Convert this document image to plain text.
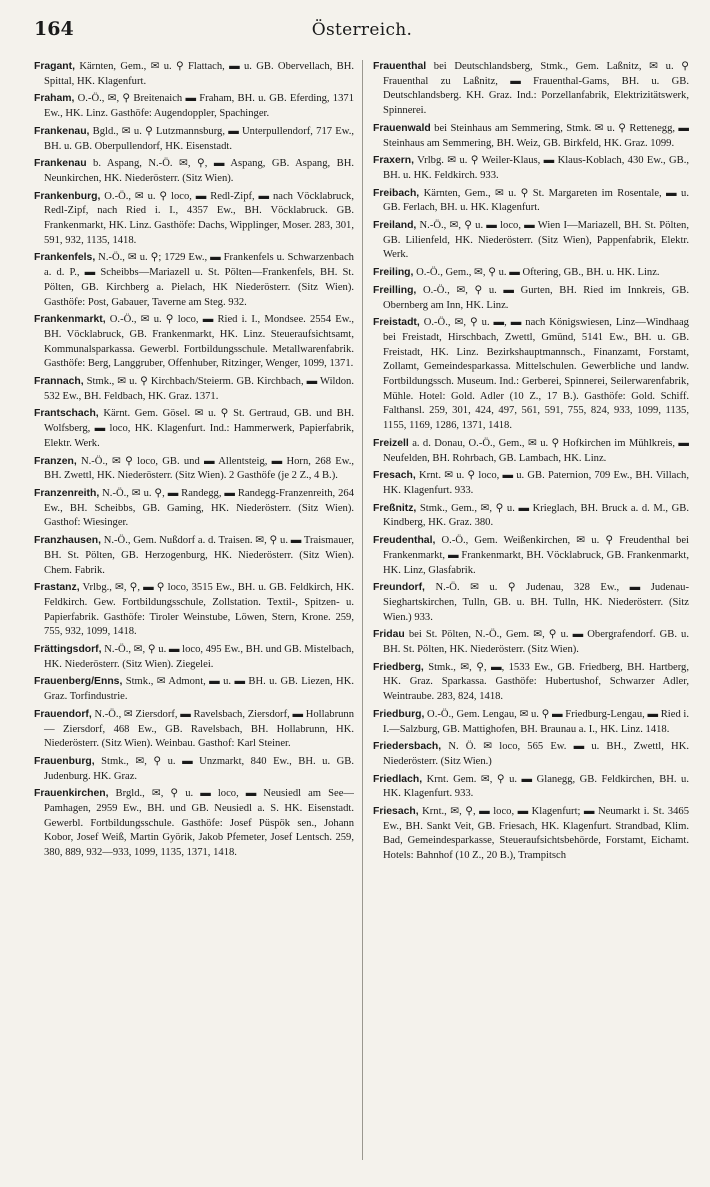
164	Österreich.

Fragant, Kärnten, Gem., ✉ u. ⚲ Flattach, ▬ u. GB. Obervellach, BH. Spittal, HK. Klagenfurt.

Fraham, O.-Ö., ✉, ⚲ Breitenaich ▬ Fraham, BH. u. GB. Eferding, 1371 Ew., HK. Linz. Gasthöfe: Augendoppler, Spachinger.

Frankenau, Bgld., ✉ u. ⚲ Lutzmannsburg, ▬ Unterpullendorf, 717 Ew., BH. u. GB. Oberpullendorf, HK. Eisenstadt.

Frankenau b. Aspang, N.-Ö. ✉, ⚲, ▬ Aspang, GB. Aspang, BH. Neunkirchen, HK. Niederösterr. (Sitz Wien).

Frankenburg, O.-Ö., ✉ u. ⚲ loco, ▬ Redl-Zipf, ▬ nach Vöcklabruck, Redl-Zipf, nach Ried i. I., 4357 Ew., BH. Vöcklabruck. GB. Frankenmarkt, HK. Linz. Gasthöfe: Dachs, Wipplinger, Moser. 283, 301, 591, 932, 1135, 1418.

Frankenfels, N.-Ö., ✉ u. ⚲; 1729 Ew., ▬ Frankenfels u. Schwarzenbach a. d. P., ▬ Scheibbs—Mariazell u. St. Pölten—Frankenfels, BH. St. Pölten, GB. Kirchberg a. Pielach, HK Niederösterr. (Sitz Wien). Gasthöfe: Post, Gabauer, Taverne am Steg. 932.

Frankenmarkt, O.-Ö., ✉ u. ⚲ loco, ▬ Ried i. I., Mondsee. 2554 Ew., BH. Vöcklabruck, GB. Frankenmarkt, HK. Linz. Steueraufsichtsamt, Kommunalsparkassa. Gewerbl. Fortbildungsschule. Metallwarenfabrik. Gasthöfe: Berg, Langgruber, Offenhuber, Ritzinger, Wenger, 1099, 1371.

Frannach, Stmk., ✉ u. ⚲ Kirchbach/Steierm. GB. Kirchbach, ▬ Wildon. 532 Ew., BH. Feldbach, HK. Graz. 1371.

Frantschach, Kärnt. Gem. Gösel. ✉ u. ⚲ St. Gertraud, GB. und BH. Wolfsberg, ▬ loco, HK. Klagenfurt. Ind.: Hammerwerk, Papierfabrik, Elektr. Werk.

Franzen, N.-Ö., ✉ ⚲ loco, GB. und ▬ Allentsteig, ▬ Horn, 268 Ew., BH. Zwettl, HK. Niederösterr. (Sitz Wien). 2 Gasthöfe (je 2 Z., 4 B.).

Franzenreith, N.-Ö., ✉ u. ⚲, ▬ Randegg, ▬ Randegg-Franzenreith, 264 Ew., BH. Scheibbs, GB. Gaming, HK. Niederösterr. (Sitz Wien). Gasthof: Wiesinger.

Franzhausen, N.-Ö., Gem. Nußdorf a. d. Traisen. ✉, ⚲ u. ▬ Traismauer, BH. St. Pölten, GB. Herzogenburg, HK. Niederösterr. (Sitz Wien). Chem. Fabrik.

Frastanz, Vrlbg., ✉, ⚲, ▬ ⚲ loco, 3515 Ew., BH. u. GB. Feldkirch, HK. Feldkirch. Gew. Fortbildungsschule, Zollstation. Textil-, Spitzen- u. Papierfabrik. Gasthöfe: Tiroler Weinstube, Löwen, Stern, Krone. 259, 755, 932, 1099, 1418.

Frättingsdorf, N.-Ö., ✉, ⚲ u. ▬ loco, 495 Ew., BH. und GB. Mistelbach, HK. Niederösterr. (Sitz Wien). Ziegelei.

Frauenberg/Enns, Stmk., ✉ Admont, ▬ u. ▬ BH. u. GB. Liezen, HK. Graz. Torfindustrie.

Frauendorf, N.-Ö., ✉ Ziersdorf, ▬ Ravelsbach, Ziersdorf, ▬ Hollabrunn — Ziersdorf, 468 Ew., GB. Ravelsbach, BH. Hollabrunn, HK. Niederösterr. (Sitz Wien). Weinbau. Gasthof: Karl Steiner.

Frauenburg, Stmk., ✉, ⚲ u. ▬ Unzmarkt, 840 Ew., BH. u. GB. Judenburg. HK. Graz.

Frauenkirchen, Brgld., ✉, ⚲ u. ▬ loco, ▬ Neusiedl am See—Pamhagen, 2959 Ew., BH. und GB. Neusiedl a. S. HK. Eisenstadt. Gewerbl. Fortbildungsschule. Gasthöfe: Josef Püspök sen., Johann Kobor, Josef Weiß, Martin Györik, Jakob Pfemeter, Josef Lentsch. 259, 380, 889, 932—933, 1099, 1135, 1371, 1418.

Frauenthal bei Deutschlandsberg, Stmk., Gem. Laßnitz, ✉ u. ⚲ Frauenthal zu Laßnitz, ▬ Frauenthal-Gams, BH. u. GB. Deutschlandsberg. KH. Graz. Ind.: Porzellanfabrik, Elektrizitätswerk, Spinnerei.

Frauenwald bei Steinhaus am Semmering, Stmk. ✉ u. ⚲ Rettenegg, ▬ Steinhaus am Semmering, BH. Weiz, GB. Birkfeld, HK. Graz. 1099.

Fraxern, Vrlbg. ✉ u. ⚲ Weiler-Klaus, ▬ Klaus-Koblach, 430 Ew., GB., BH. u. HK. Feldkirch. 933.

Freibach, Kärnten, Gem., ✉ u. ⚲ St. Margareten im Rosentale, ▬ u. GB. Ferlach, BH. u. HK. Klagenfurt.

Freiland, N.-Ö., ✉, ⚲ u. ▬ loco, ▬ Wien I—Mariazell, BH. St. Pölten, GB. Lilienfeld, HK. Niederösterr. (Sitz Wien), Pappenfabrik, Elektr. Werk.

Freiling, O.-Ö., Gem., ✉, ⚲ u. ▬ Oftering, GB., BH. u. HK. Linz.

Freilling, O.-Ö., ✉, ⚲ u. ▬ Gurten, BH. Ried im Innkreis, GB. Obernberg am Inn, HK. Linz.

Freistadt, O.-Ö., ✉, ⚲ u. ▬, ▬ nach Königswiesen, Linz—Windhaag bei Freistadt, Hirschbach, Zwettl, Gmünd, 5141 Ew., BH. u. GB. Freistadt, HK. Linz. Bezirkshauptmannsch., Finanzamt, Forstamt, Zollamt, Gemeindesparkassa. Mittelschulen. Gewerbliche und landw. Fortbildungssch. Museum. Ind.: Gerberei, Spinnerei, Seilerwarenfabrik, Mühle. Hotel: Gold. Adler (10 Z., 17 B.). Gasthöfe: Gold. Schiff. Falthansl. 259, 301, 424, 497, 561, 591, 755, 824, 933, 1099, 1135, 1155, 1169, 1286, 1371, 1418.

Freizell a. d. Donau, O.-Ö., Gem., ✉ u. ⚲ Hofkirchen im Mühlkreis, ▬ Neufelden, BH. Rohrbach, GB. Lambach, HK. Linz.

Fresach, Krnt. ✉ u. ⚲ loco, ▬ u. GB. Paternion, 709 Ew., BH. Villach, HK. Klagenfurt. 933.

Freßnitz, Stmk., Gem., ✉, ⚲ u. ▬ Krieglach, BH. Bruck a. d. M., GB. Kindberg, HK. Graz. 380.

Freudenthal, O.-Ö., Gem. Weißenkirchen, ✉ u. ⚲ Freudenthal bei Frankenmarkt, ▬ Frankenmarkt, BH. Vöcklabruck, GB. Frankenmarkt, HK. Linz, Glasfabrik.

Freundorf, N.-Ö. ✉ u. ⚲ Judenau, 328 Ew., ▬ Judenau-Sieghartskirchen, Tulln, GB. u. BH. Tulln, HK. Niederösterr. (Sitz Wien.) 933.

Fridau bei St. Pölten, N.-Ö., Gem. ✉, ⚲ u. ▬ Obergrafendorf. GB. u. BH. St. Pölten, HK. Niederösterr. (Sitz Wien).

Friedberg, Stmk., ✉, ⚲, ▬, 1533 Ew., GB. Friedberg, BH. Hartberg, HK. Graz. Sparkassa. Gasthöfe: Hubertushof, Schwarzer Adler, Weintraube. 283, 824, 1418.

Friedburg, O.-Ö., Gem. Lengau, ✉ u. ⚲ ▬ Friedburg-Lengau, ▬ Ried i. I.—Salzburg, GB. Mattighofen, BH. Braunau a. I., HK. Linz. 1418.

Friedersbach, N. Ö. ✉ loco, 565 Ew. ▬ u. BH., Zwettl, HK. Niederösterr. (Sitz Wien.)

Friedlach, Krnt. Gem. ✉, ⚲ u. ▬ Glanegg, GB. Feldkirchen, BH. u. HK. Klagenfurt. 933.

Friesach, Krnt., ✉, ⚲, ▬ loco, ▬ Klagenfurt; ▬ Neumarkt i. St. 3465 Ew., BH. Sankt Veit, GB. Friesach, HK. Klagenfurt. Strandbad, Klim. Bad, Gemeindesparkasse, Steueraufsichtsbehörde, Forstamt, Eichamt. Hotels: Bahnhof (10 Z., 20 B.), Trampitsch
